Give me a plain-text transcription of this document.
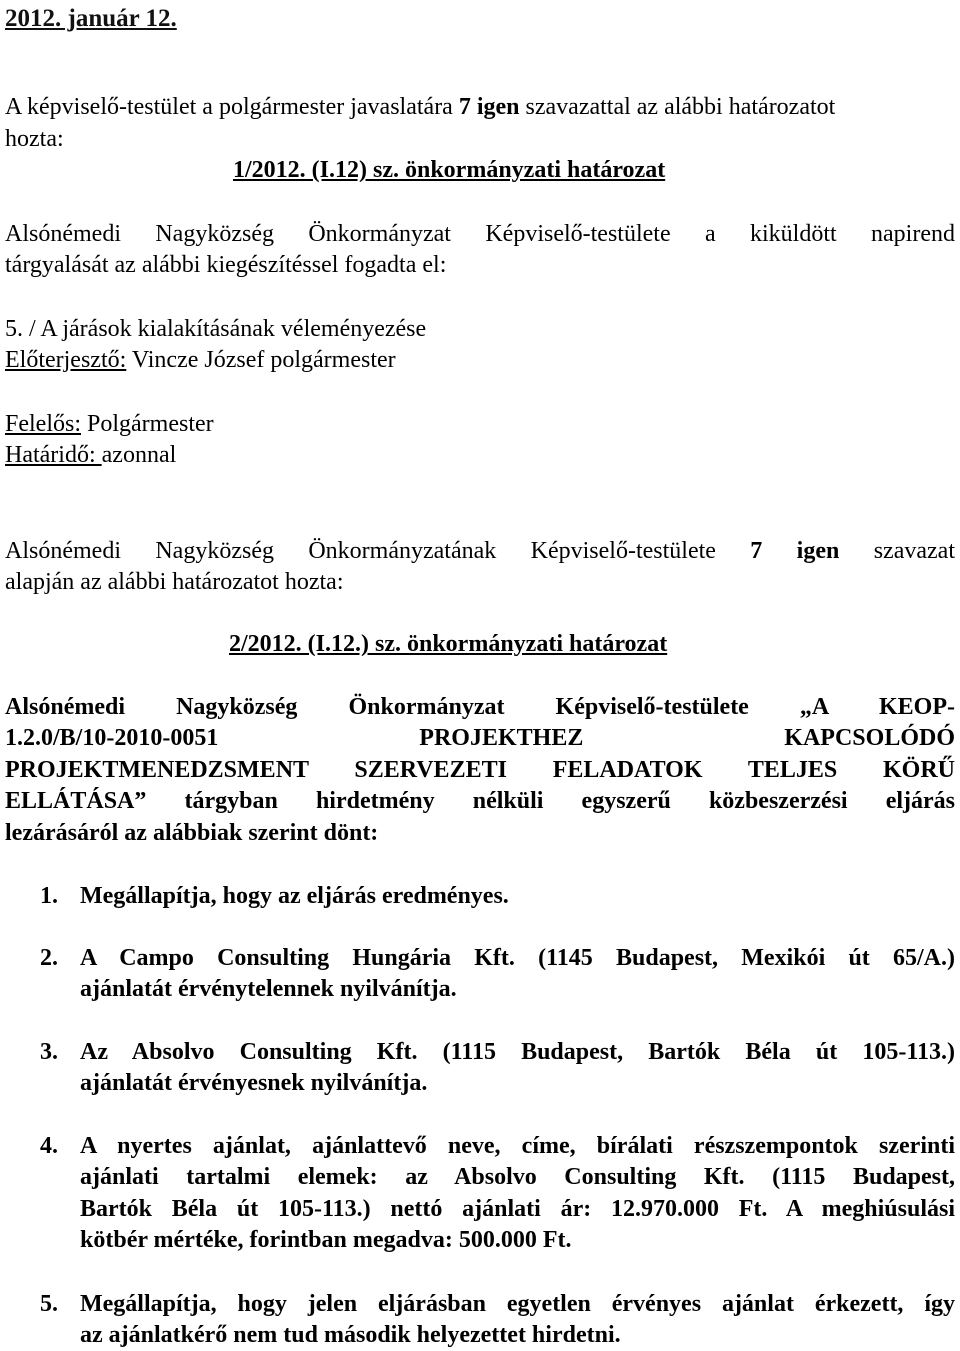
2012. január 12.
A képviselő-testület a polgármester javaslatára 7 igen szavazattal az alábbi határozatot
hozta:
1/2012. (I.12) sz. önkormányzati határozat
Alsónémedi Nagyközség Önkormányzat Képviselő-testülete a kiküldött napirend
tárgyalását az alábbi kiegészítéssel fogadta el:
5. / A járások kialakításának véleményezése
Előterjesztő: Vincze József polgármester
Felelős: Polgármester
Határidő: azonnal
Alsónémedi Nagyközség Önkormányzatának Képviselő-testülete 7 igen szavazat
alapján az alábbi határozatot hozta:
2/2012. (I.12.) sz. önkormányzati határozat
Alsónémedi Nagyközség Önkormányzat Képviselő-testülete „A KEOP-
1.2.0/B/10-2010-0051 PROJEKTHEZ KAPCSOLÓDÓ
PROJEKTMENEDZSMENT SZERVEZETI FELADATOK TELJES KÖRŰ
ELLÁTÁSA” tárgyban hirdetmény nélküli egyszerű közbeszerzési eljárás
lezárásáról az alábbiak szerint dönt:
1. Megállapítja, hogy az eljárás eredményes.
2. A Campo Consulting Hungária Kft. (1145 Budapest, Mexikói út 65/A.)
ajánlatát érvénytelennek nyilvánítja.
3. Az Absolvo Consulting Kft. (1115 Budapest, Bartók Béla út 105-113.)
ajánlatát érvényesnek nyilvánítja.
4. A nyertes ajánlat, ajánlattevő neve, címe, bírálati részszempontok szerinti
ajánlati tartalmi elemek: az Absolvo Consulting Kft. (1115 Budapest,
Bartók Béla út 105-113.) nettó ajánlati ár: 12.970.000 Ft. A meghiúsulási
kötbér mértéke, forintban megadva: 500.000 Ft.
5. Megállapítja, hogy jelen eljárásban egyetlen érvényes ajánlat érkezett, így
az ajánlatkérő nem tud második helyezettet hirdetni.
